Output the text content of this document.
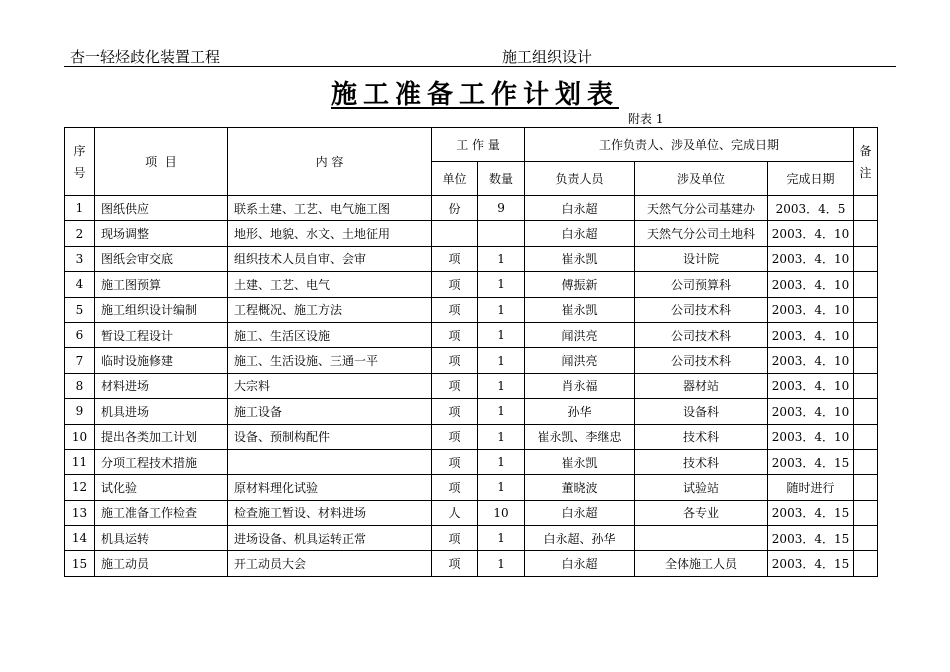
杏一轻烃歧化装置工程	施工组织设计
施工准备工作计划表
附表 1
序号	项  目	内 容	工 作 量		工作负责人、涉及单位、完成日期			备注
			单位	数量	负责人员	涉及单位	完成日期	
1	图纸供应	联系土建、工艺、电气施工图	份	9	白永超	天然气分公司基建办	2003．4．5	
2	现场调整	地形、地貌、水文、土地征用			白永超	天然气分公司土地科	2003．4．10	
3	图纸会审交底	组织技术人员自审、会审	项	1	崔永凯	设计院	2003．4．10	
4	施工图预算	土建、工艺、电气	项	1	傅振新	公司预算科	2003．4．10	
5	施工组织设计编制	工程概况、施工方法	项	1	崔永凯	公司技术科	2003．4．10	
6	暂设工程设计	施工、生活区设施	项	1	闻洪亮	公司技术科	2003．4．10	
7	临时设施修建	施工、生活设施、三通一平	项	1	闻洪亮	公司技术科	2003．4．10	
8	材料进场	大宗料	项	1	肖永福	器材站	2003．4．10	
9	机具进场	施工设备	项	1	孙华	设备科	2003．4．10	
10	提出各类加工计划	设备、预制构配件	项	1	崔永凯、李继忠	技术科	2003．4．10	
11	分项工程技术措施		项	1	崔永凯	技术科	2003．4．15	
12	试化验	原材料理化试验	项	1	董晓波	试验站	随时进行	
13	施工准备工作检查	检查施工暂设、材料进场	人	10	白永超	各专业	2003．4．15	
14	机具运转	进场设备、机具运转正常	项	1	白永超、孙华		2003．4．15	
15	施工动员	开工动员大会	项	1	白永超	全体施工人员	2003．4．15	
